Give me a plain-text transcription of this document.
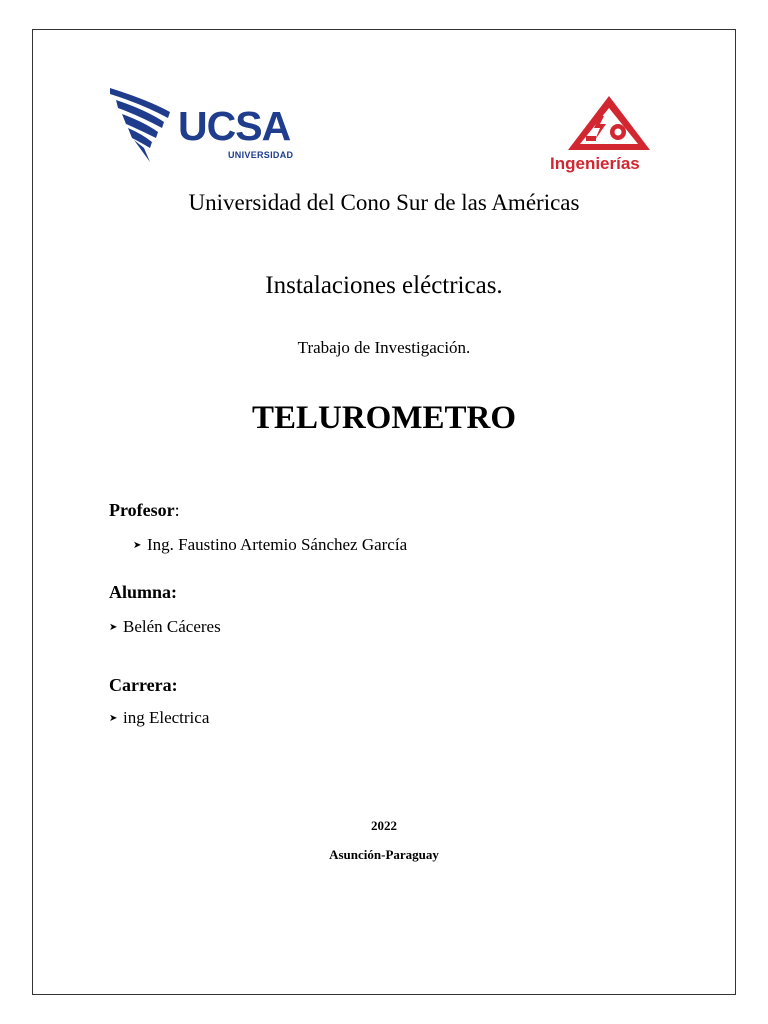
UCSA
UNIVERSIDAD	Ingenierías
Universidad del Cono Sur de las Américas
Instalaciones eléctricas.
Trabajo de Investigación.
TELUROMETRO
Profesor:
➤ Ing. Faustino Artemio Sánchez García
Alumna:
➤ Belén Cáceres
Carrera:
➤ ing Electrica
2022
Asunción-Paraguay
